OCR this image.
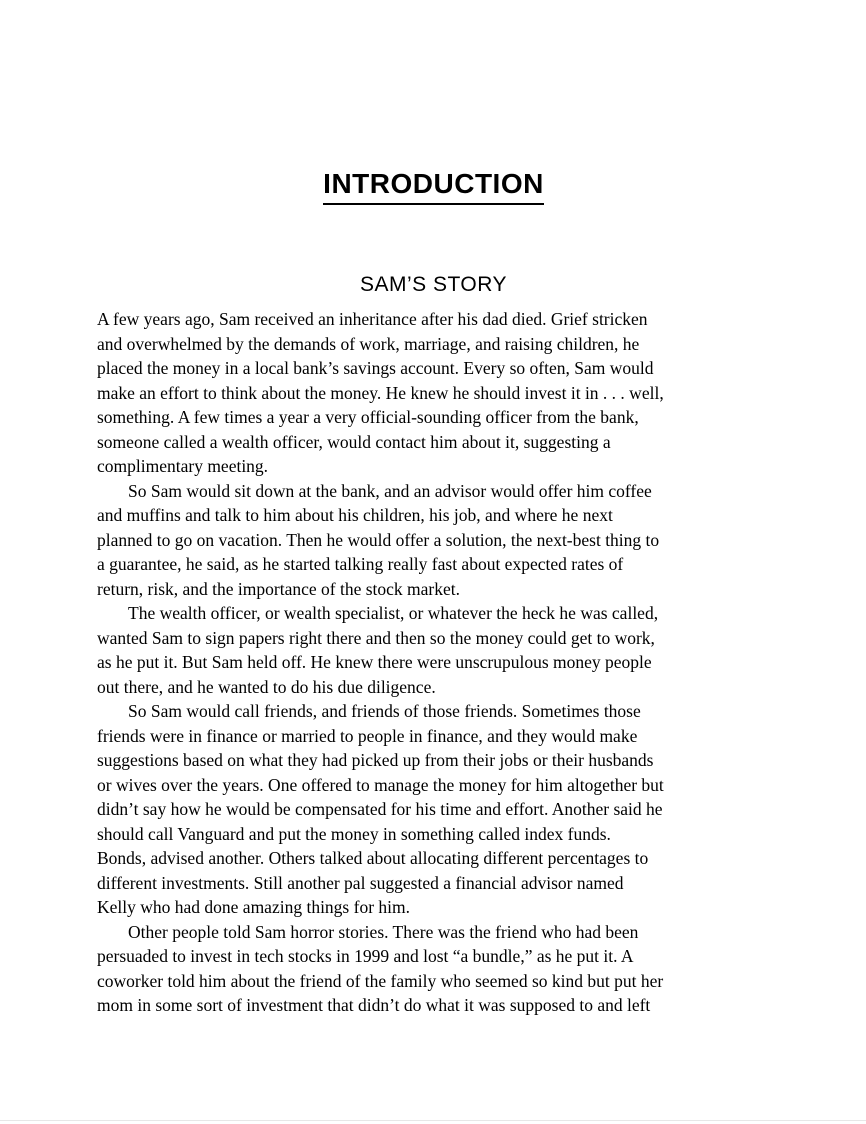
INTRODUCTION
SAM’S STORY
A few years ago, Sam received an inheritance after his dad died. Grief stricken
and overwhelmed by the demands of work, marriage, and raising children, he
placed the money in a local bank’s savings account. Every so often, Sam would
make an effort to think about the money. He knew he should invest it in . . . well,
something. A few times a year a very official-sounding officer from the bank,
someone called a wealth officer, would contact him about it, suggesting a
complimentary meeting.
So Sam would sit down at the bank, and an advisor would offer him coffee
and muffins and talk to him about his children, his job, and where he next
planned to go on vacation. Then he would offer a solution, the next-best thing to
a guarantee, he said, as he started talking really fast about expected rates of
return, risk, and the importance of the stock market.
The wealth officer, or wealth specialist, or whatever the heck he was called,
wanted Sam to sign papers right there and then so the money could get to work,
as he put it. But Sam held off. He knew there were unscrupulous money people
out there, and he wanted to do his due diligence.
So Sam would call friends, and friends of those friends. Sometimes those
friends were in finance or married to people in finance, and they would make
suggestions based on what they had picked up from their jobs or their husbands
or wives over the years. One offered to manage the money for him altogether but
didn’t say how he would be compensated for his time and effort. Another said he
should call Vanguard and put the money in something called index funds.
Bonds, advised another. Others talked about allocating different percentages to
different investments. Still another pal suggested a financial advisor named
Kelly who had done amazing things for him.
Other people told Sam horror stories. There was the friend who had been
persuaded to invest in tech stocks in 1999 and lost “a bundle,” as he put it. A
coworker told him about the friend of the family who seemed so kind but put her
mom in some sort of investment that didn’t do what it was supposed to and left
